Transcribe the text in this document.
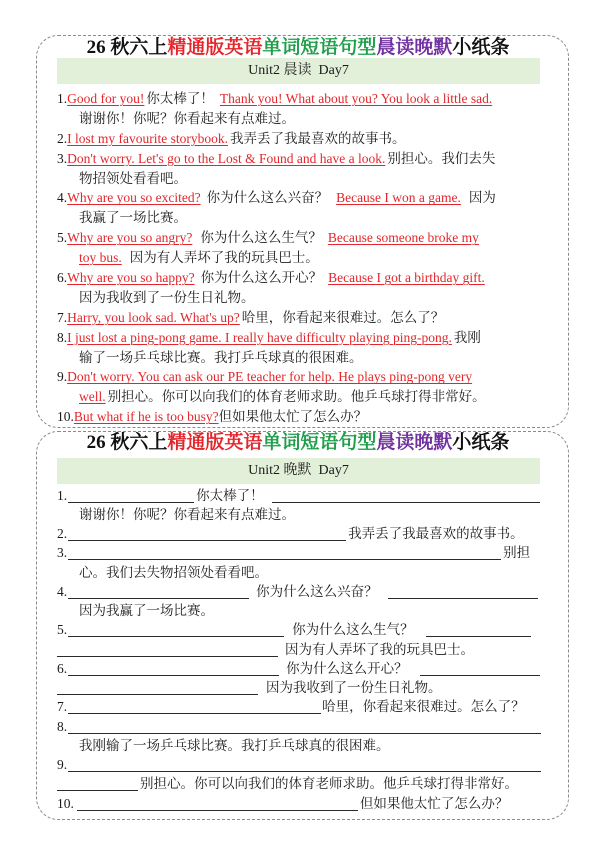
26 秋六上精通版英语单词短语句型晨读晚默小纸条
Unit2 晨读  Day7
1.Good for you! 你太棒了！ Thank you! What about you? You look a little sad.
谢谢你！你呢？你看起来有点难过。
2.I lost my favourite storybook. 我弄丢了我最喜欢的故事书。
3.Don't worry. Let's go to the Lost & Found and have a look. 别担心。我们去失
物招领处看看吧。
4.Why are you so excited? 你为什么这么兴奋？ Because I won a game. 因为
我赢了一场比赛。
5.Why are you so angry? 你为什么这么生气？ Because someone broke my
toy bus. 因为有人弄坏了我的玩具巴士。
6.Why are you so happy? 你为什么这么开心？ Because I got a birthday gift.
因为我收到了一份生日礼物。
7.Harry, you look sad. What's up? 哈里，你看起来很难过。怎么了？
8.I just lost a ping-pong game. I really have difficulty playing ping-pong. 我刚
输了一场乒乓球比赛。我打乒乓球真的很困难。
9.Don't worry. You can ask our PE teacher for help. He plays ping-pong very
well. 别担心。你可以向我们的体育老师求助。他乒乓球打得非常好。
10.But what if he is too busy?但如果他太忙了怎么办？
26 秋六上精通版英语单词短语句型晨读晚默小纸条
Unit2 晚默  Day7
1.	你太棒了！
谢谢你！你呢？你看起来有点难过。
2.	我弄丢了我最喜欢的故事书。
3.	别担
心。我们去失物招领处看看吧。
4.	你为什么这么兴奋？
因为我赢了一场比赛。
5.	你为什么这么生气？
因为有人弄坏了我的玩具巴士。
6.	你为什么这么开心？
因为我收到了一份生日礼物。
7.	哈里，你看起来很难过。怎么了？
8.
我刚输了一场乒乓球比赛。我打乒乓球真的很困难。
9.
别担心。你可以向我们的体育老师求助。他乒乓球打得非常好。
10.	但如果他太忙了怎么办？
